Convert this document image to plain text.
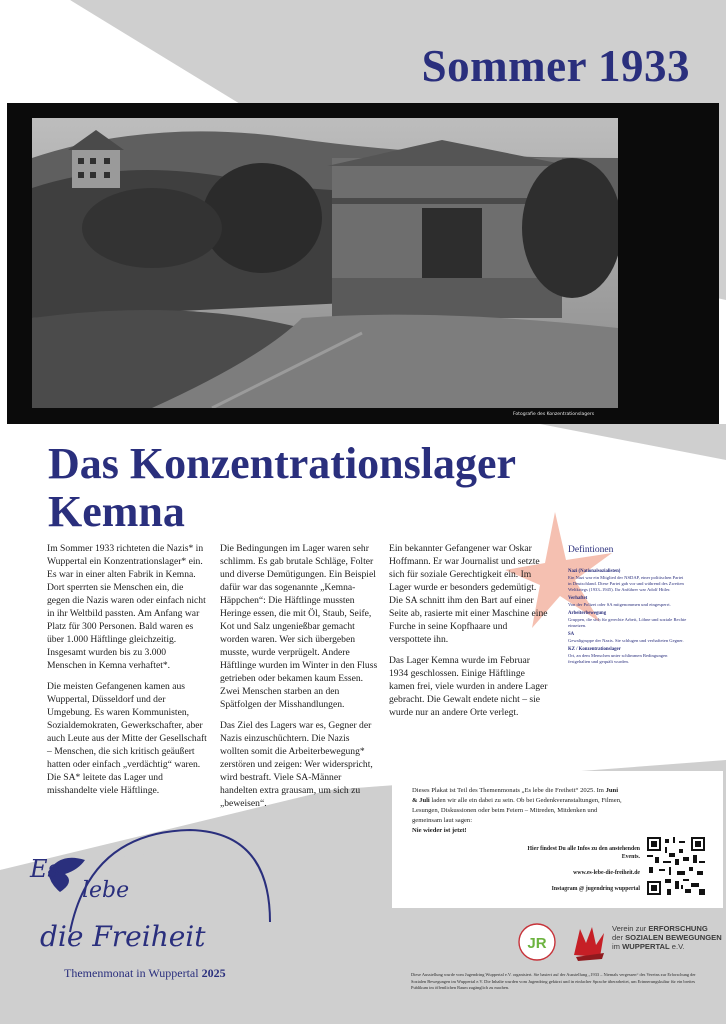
Sommer 1933
Fotografie des Konzentrationslagers
Das Konzentrationslager Kemna

Im Sommer 1933 richteten die Nazis* in Wuppertal ein Konzentrationslager* ein. Es war in einer alten Fabrik in Kemna. Dort sperrten sie Menschen ein, die gegen die Nazis waren oder einfach nicht in ihr Weltbild passten. Am Anfang war Platz für 300 Personen. Bald waren es über 1.000 Häftlinge gleichzeitig. Insgesamt wurden bis zu 3.000 Menschen in Kemna verhaftet*.

Die meisten Gefangenen kamen aus Wuppertal, Düsseldorf und der Umgebung. Es waren Kommunisten, Sozialdemokraten, Gewerkschafter, aber auch Leute aus der Mitte der Gesellschaft – Menschen, die sich kritisch geäußert hatten oder einfach „verdächtig“ waren. Die SA* leitete das Lager und misshandelte viele Häftlinge.

Die Bedingungen im Lager waren sehr schlimm. Es gab brutale Schläge, Folter und diverse Demütigungen. Ein Beispiel dafür war das sogenannte „Kemna-Häppchen“: Die Häftlinge mussten Heringe essen, die mit Öl, Staub, Seife, Kot und Salz ungenießbar gemacht worden waren. Wer sich übergeben musste, wurde verprügelt. Andere Häftlinge wurden im Winter in den Fluss getrieben oder bekamen kaum Essen. Zwei Menschen starben an den Spätfolgen der Misshandlungen.

Das Ziel des Lagers war es, Gegner der Nazis einzuschüchtern. Die Nazis wollten somit die Arbeiterbewegung* zerstören und zeigen: Wer widerspricht, wird bestraft. Viele SA-Männer handelten extra grausam, um sich zu „beweisen“.

Ein bekannter Gefangener war Oskar Hoffmann. Er war Journalist und setzte sich für soziale Gerechtigkeit ein. Im Lager wurde er besonders gedemütigt. Die SA schnitt ihm den Bart auf einer Seite ab, rasierte mit einer Maschine eine Furche in seine Kopfhaare und verspottete ihn.

Das Lager Kemna wurde im Februar 1934 geschlossen. Einige Häftlinge kamen frei, viele wurden in andere Lager gebracht. Die Gewalt endete nicht – sie wurde nur an andere Orte verlegt.

Defintionen
Nazi (Nationalsozialisten)
Ein Nazi war ein Mitglied der NSDAP, einer politischen Partei in Deutschland. Diese Partei gab vor und während des Zweiten Weltkriegs (1933–1945). Ihr Anführer war Adolf Hitler.
Verhaftet
Von der Polizei oder SA mitgenommen und eingesperrt.
Arbeiterbewegung
Gruppen, die sich für gerechte Arbeit, Löhne und soziale Rechte einsetzen.
SA
Gewaltgruppe der Nazis. Sie schlugen und verhafteten Gegner.
KZ / Konzentrationslager
Ort, an dem Menschen unter schlimmen Bedingungen festgehalten und gequält wurden.
Dieses Plakat ist Teil des Themenmonats „Es lebe die Freiheit“ 2025. Im Juni & Juli laden wir alle ein dabei zu sein. Ob bei Gedenkveranstaltungen, Filmen, Lesungen, Diskussionen oder beim Feiern – Mitreden, Mitdenken und gemeinsam laut sagen:
Nie wieder ist jetzt!
Hier findest Du alle Infos zu den anstehenden Events.
www.es-lebe-die-freiheit.de
Instagram @ jugendring wuppertal
Es
lebe
die Freiheit
Themenmonat in Wuppertal 2025
JR
Verein zur ERFORSCHUNG
der SOZIALEN BEWEGUNGEN
im WUPPERTAL e.V.
Diese Ausstellung wurde vom Jugendring Wuppertal e.V. organisiert. Sie basiert auf der Ausstellung „1933 – Niemals vergessen“ des Vereins zur Erforschung der Sozialen Bewegungen im Wuppertal e.V. Die Inhalte wurden vom Jugendring gekürzt und in einfacher Sprache überarbeitet, um Erinnerungskultur für ein breites Publikum im öffentlichen Raum zugänglich zu machen.
